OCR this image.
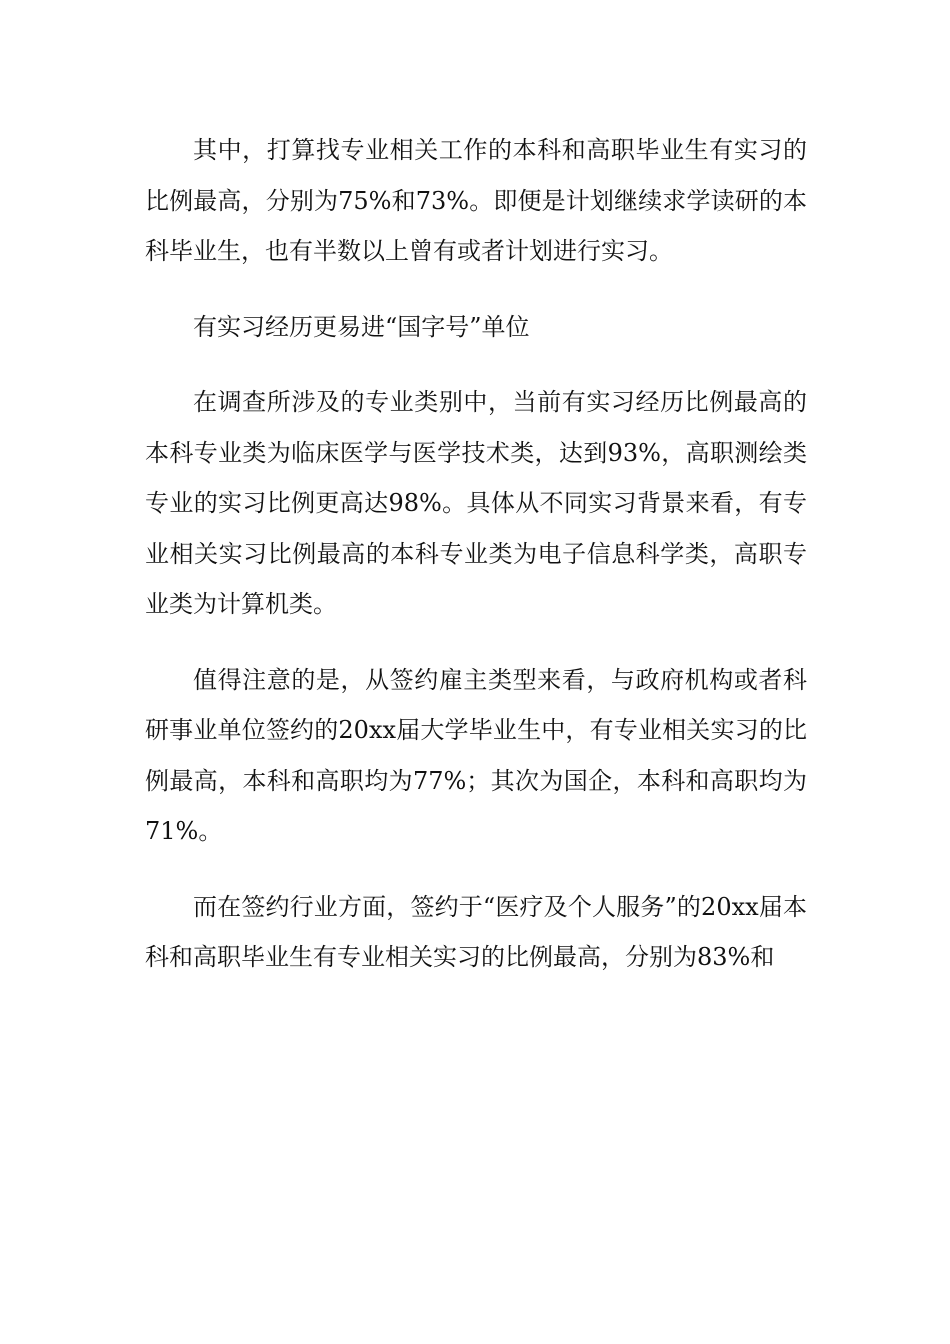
其中，打算找专业相关工作的本科和高职毕业生有实习的比例最高，分别为75%和73%。即便是计划继续求学读研的本科毕业生，也有半数以上曾有或者计划进行实习。

有实习经历更易进“国字号”单位

在调查所涉及的专业类别中，当前有实习经历比例最高的本科专业类为临床医学与医学技术类，达到93%，高职测绘类专业的实习比例更高达98%。具体从不同实习背景来看，有专业相关实习比例最高的本科专业类为电子信息科学类，高职专业类为计算机类。

值得注意的是，从签约雇主类型来看，与政府机构或者科研事业单位签约的20xx届大学毕业生中，有专业相关实习的比例最高，本科和高职均为77%；其次为国企，本科和高职均为71%。

而在签约行业方面，签约于“医疗及个人服务”的20xx届本科和高职毕业生有专业相关实习的比例最高，分别为83%和
